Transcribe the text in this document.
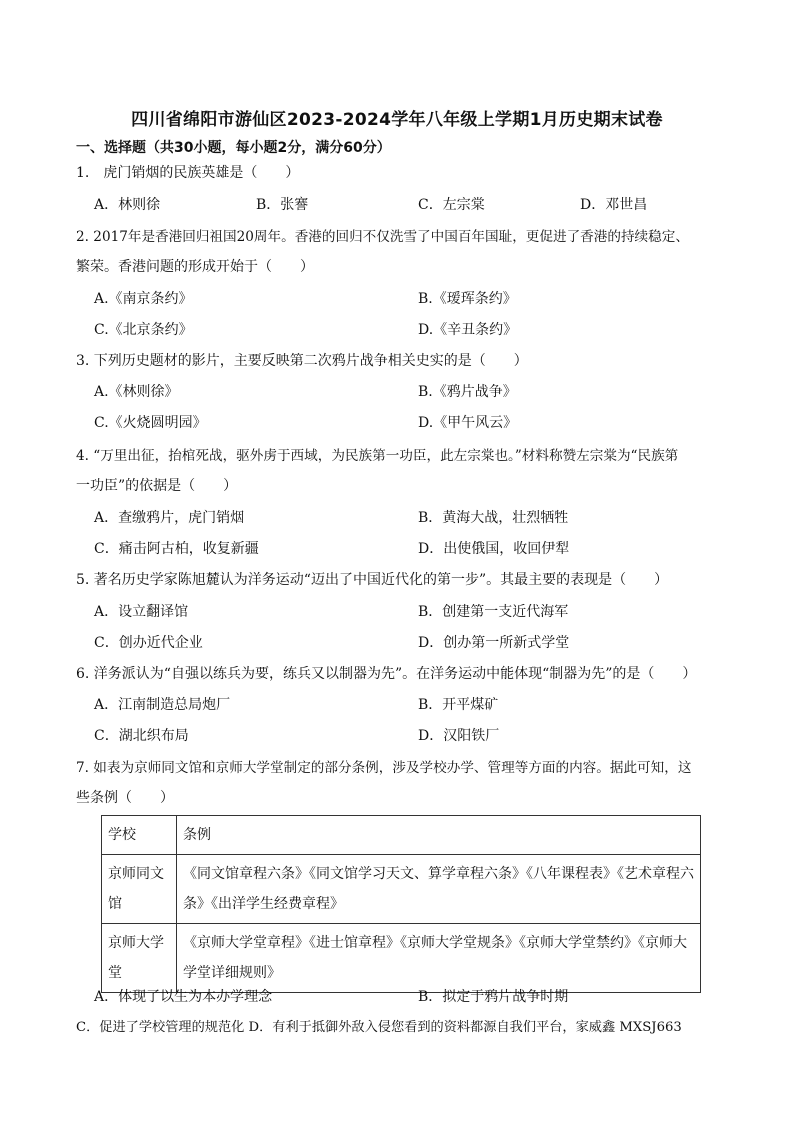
四川省绵阳市游仙区2023-2024学年八年级上学期1月历史期末试卷
一、选择题（共30小题，每小题2分，满分60分）
1.　虎门销烟的民族英雄是（　　）
A．林则徐	B．张謇	C．左宗棠	D．邓世昌
2. 2017年是香港回归祖国20周年。香港的回归不仅洗雪了中国百年国耻，更促进了香港的持续稳定、
繁荣。香港问题的形成开始于（　　）
A.《南京条约》	B.《瑷珲条约》
C.《北京条约》	D.《辛丑条约》
3. 下列历史题材的影片，主要反映第二次鸦片战争相关史实的是（　　）
A.《林则徐》	B.《鸦片战争》
C.《火烧圆明园》	D.《甲午风云》
4. “万里出征，抬棺死战，驱外虏于西域，为民族第一功臣，此左宗棠也。”材料称赞左宗棠为“民族第
一功臣”的依据是（　　）
A．查缴鸦片，虎门销烟	B．黄海大战，壮烈牺牲
C．痛击阿古柏，收复新疆	D．出使俄国，收回伊犁
5. 著名历史学家陈旭麓认为洋务运动“迈出了中国近代化的第一步”。其最主要的表现是（　　）
A．设立翻译馆	B．创建第一支近代海军
C．创办近代企业	D．创办第一所新式学堂
6. 洋务派认为“自强以练兵为要，练兵又以制器为先”。在洋务运动中能体现“制器为先”的是（　　）
A．江南制造总局炮厂	B．开平煤矿
C．湖北织布局	D．汉阳铁厂
7. 如表为京师同文馆和京师大学堂制定的部分条例，涉及学校办学、管理等方面的内容。据此可知，这
些条例（　　）
学校	条例
京师同文馆	《同文馆章程六条》《同文馆学习天文、算学章程六条》《八年课程表》《艺术章程六条》《出洋学生经费章程》
京师大学堂	《京师大学堂章程》《进士馆章程》《京师大学堂规条》《京师大学堂禁约》《京师大学堂详细规则》
A．体现了以生为本办学理念	B．拟定于鸦片战争时期
C．促进了学校管理的规范化 D．有利于抵御外敌入侵您看到的资料都源自我们平台，家威鑫 MXSJ663
